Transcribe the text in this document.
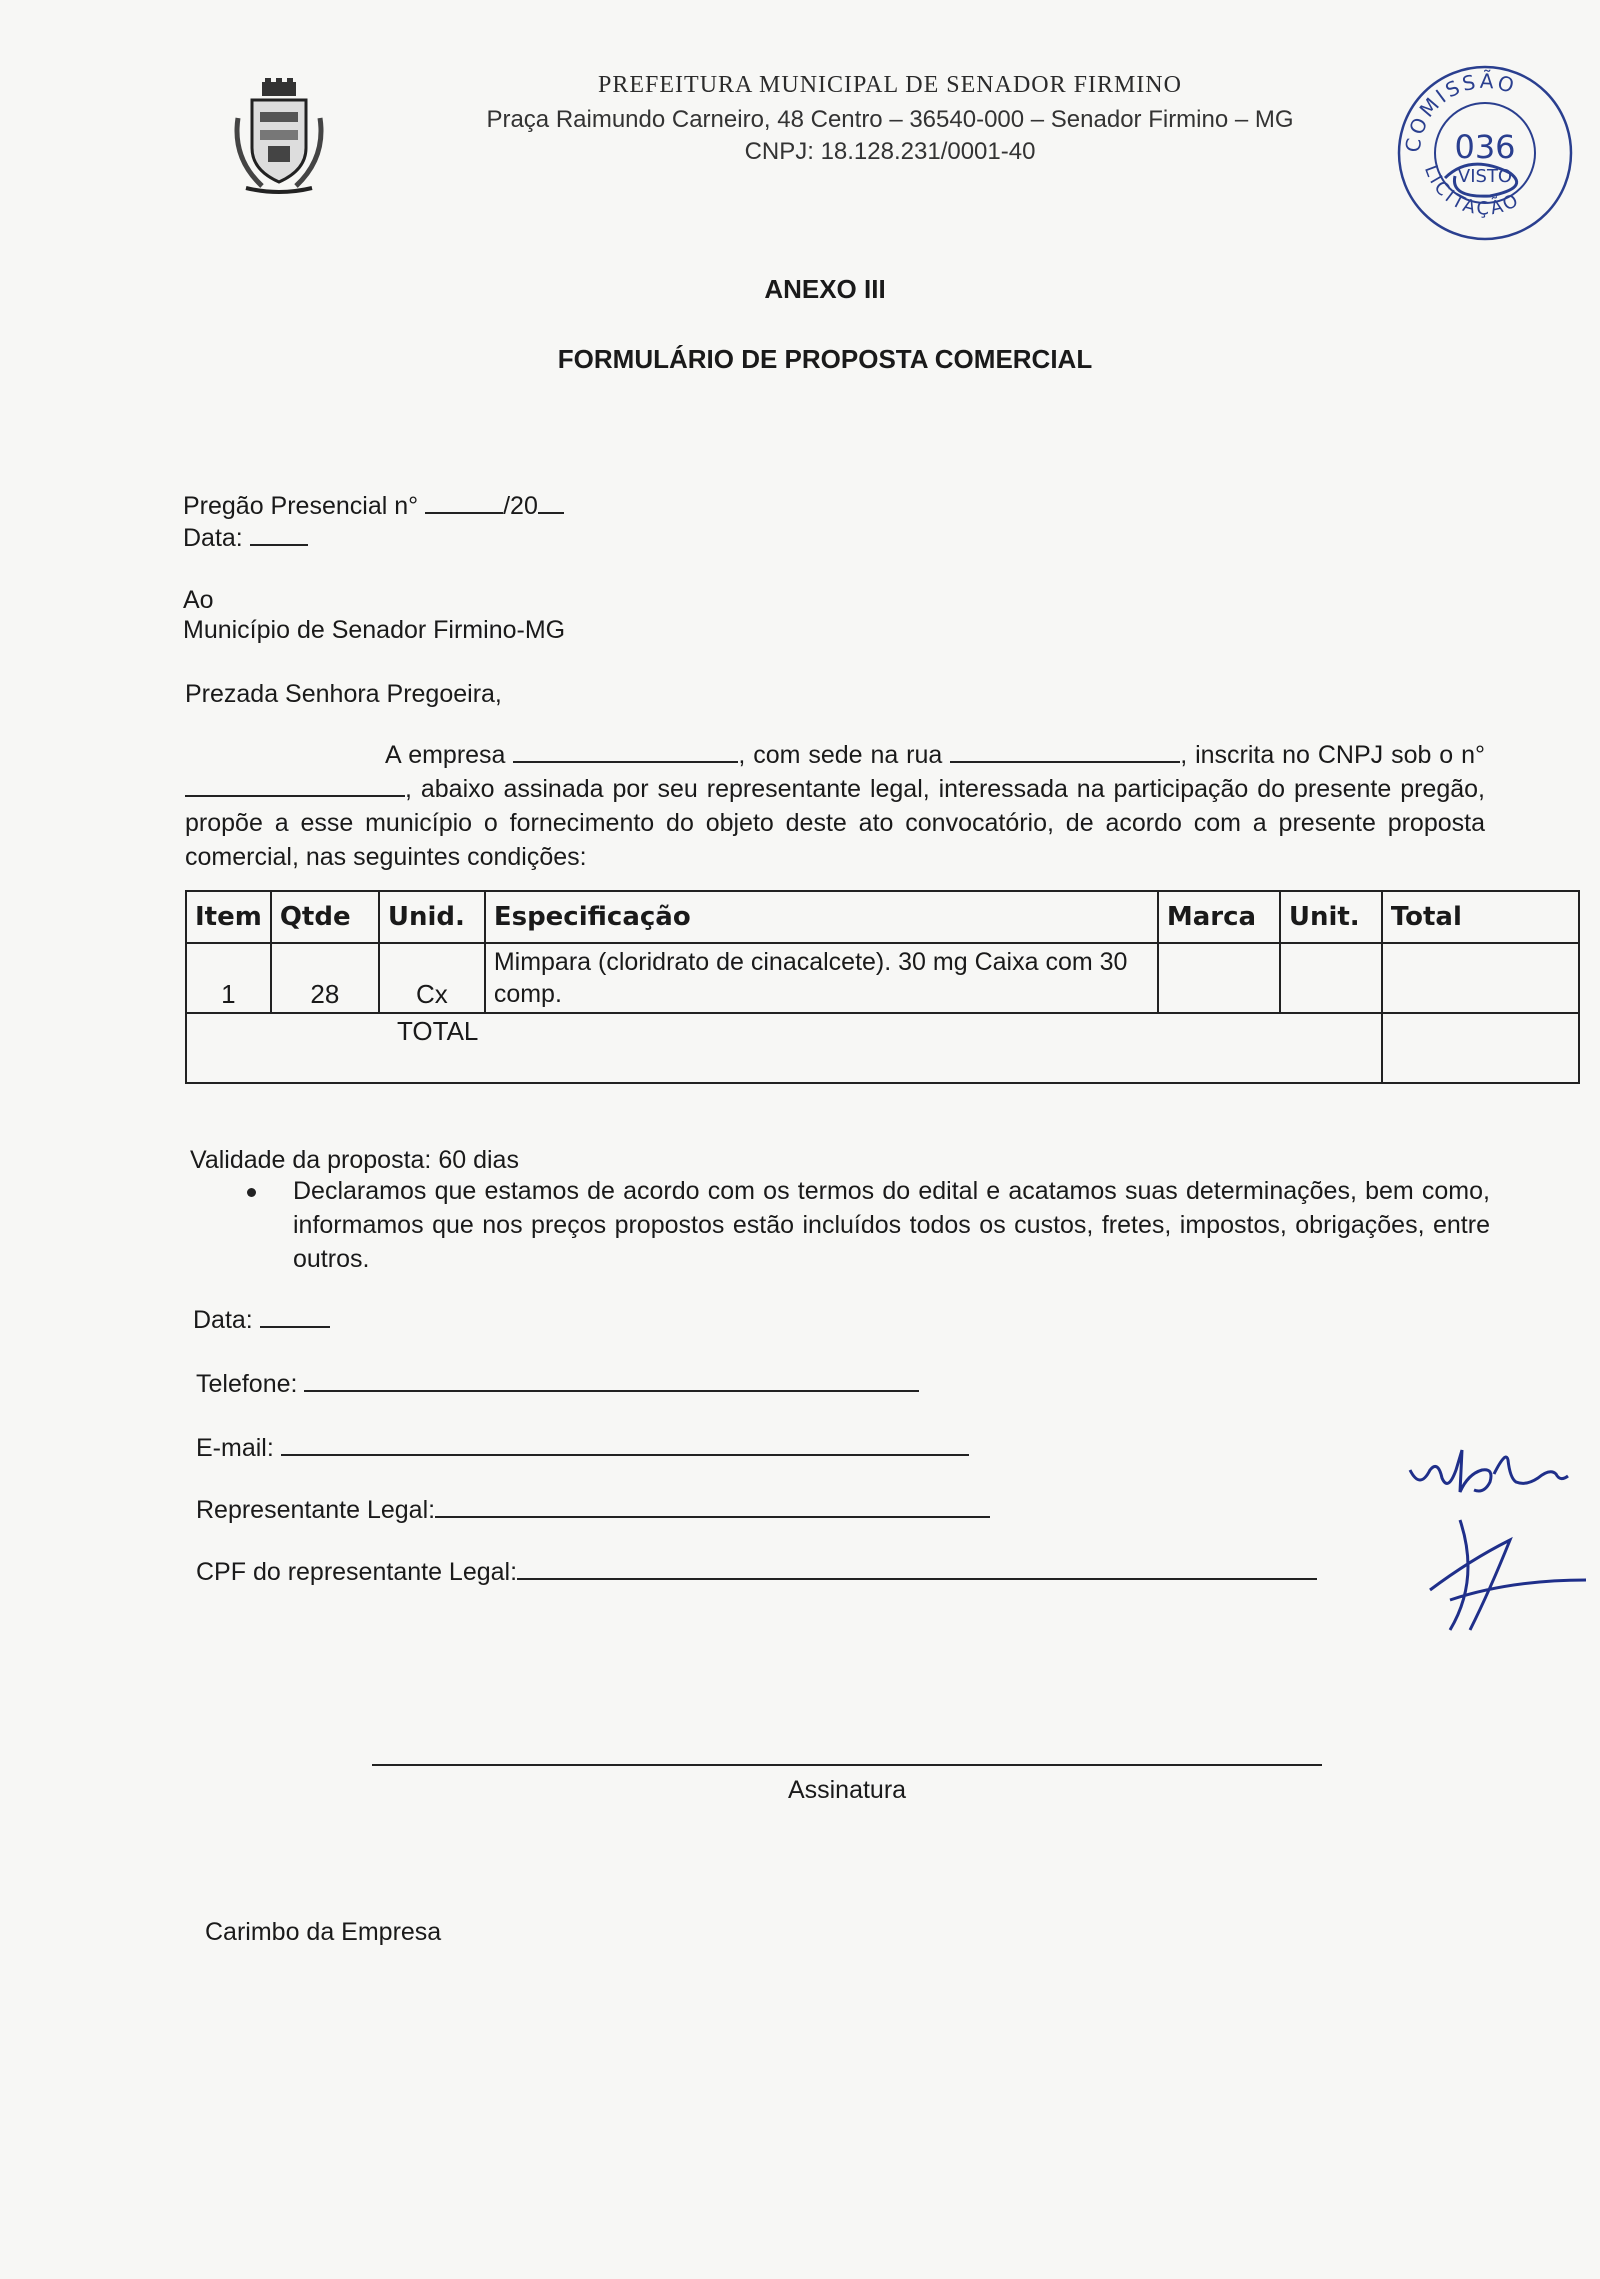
PREFEITURA MUNICIPAL DE SENADOR FIRMINO
Praça Raimundo Carneiro, 48 Centro – 36540-000 – Senador Firmino – MG
CNPJ: 18.128.231/0001-40	COMISSÃO
LICITAÇÃO
036
VISTO
ANEXO III
FORMULÁRIO DE PROPOSTA COMERCIAL
Pregão Presencial n°	/20
Data:
Ao
Município de Senador Firmino-MG
Prezada Senhora Pregoeira,
A empresa	, com sede na rua	, inscrita no CNPJ sob o n° , abaixo assinada por seu representante legal, interessada na participação do presente pregão, propõe a esse município o fornecimento do objeto deste ato convocatório, de acordo com a presente proposta comercial, nas seguintes condições:
Item	Qtde	Unid.	Especificação	Marca	Unit.	Total
1	28	Cx	Mimpara (cloridrato de cinacalcete). 30 mg Caixa com 30 comp.			
TOTAL						
Validade da proposta: 60 dias
Declaramos que estamos de acordo com os termos do edital e acatamos suas determinações, bem como, informamos que nos preços propostos estão incluídos todos os custos, fretes, impostos, obrigações, entre outros.
Data:
Telefone:
E-mail:
Representante Legal:
CPF do representante Legal:
Assinatura
Carimbo da Empresa
